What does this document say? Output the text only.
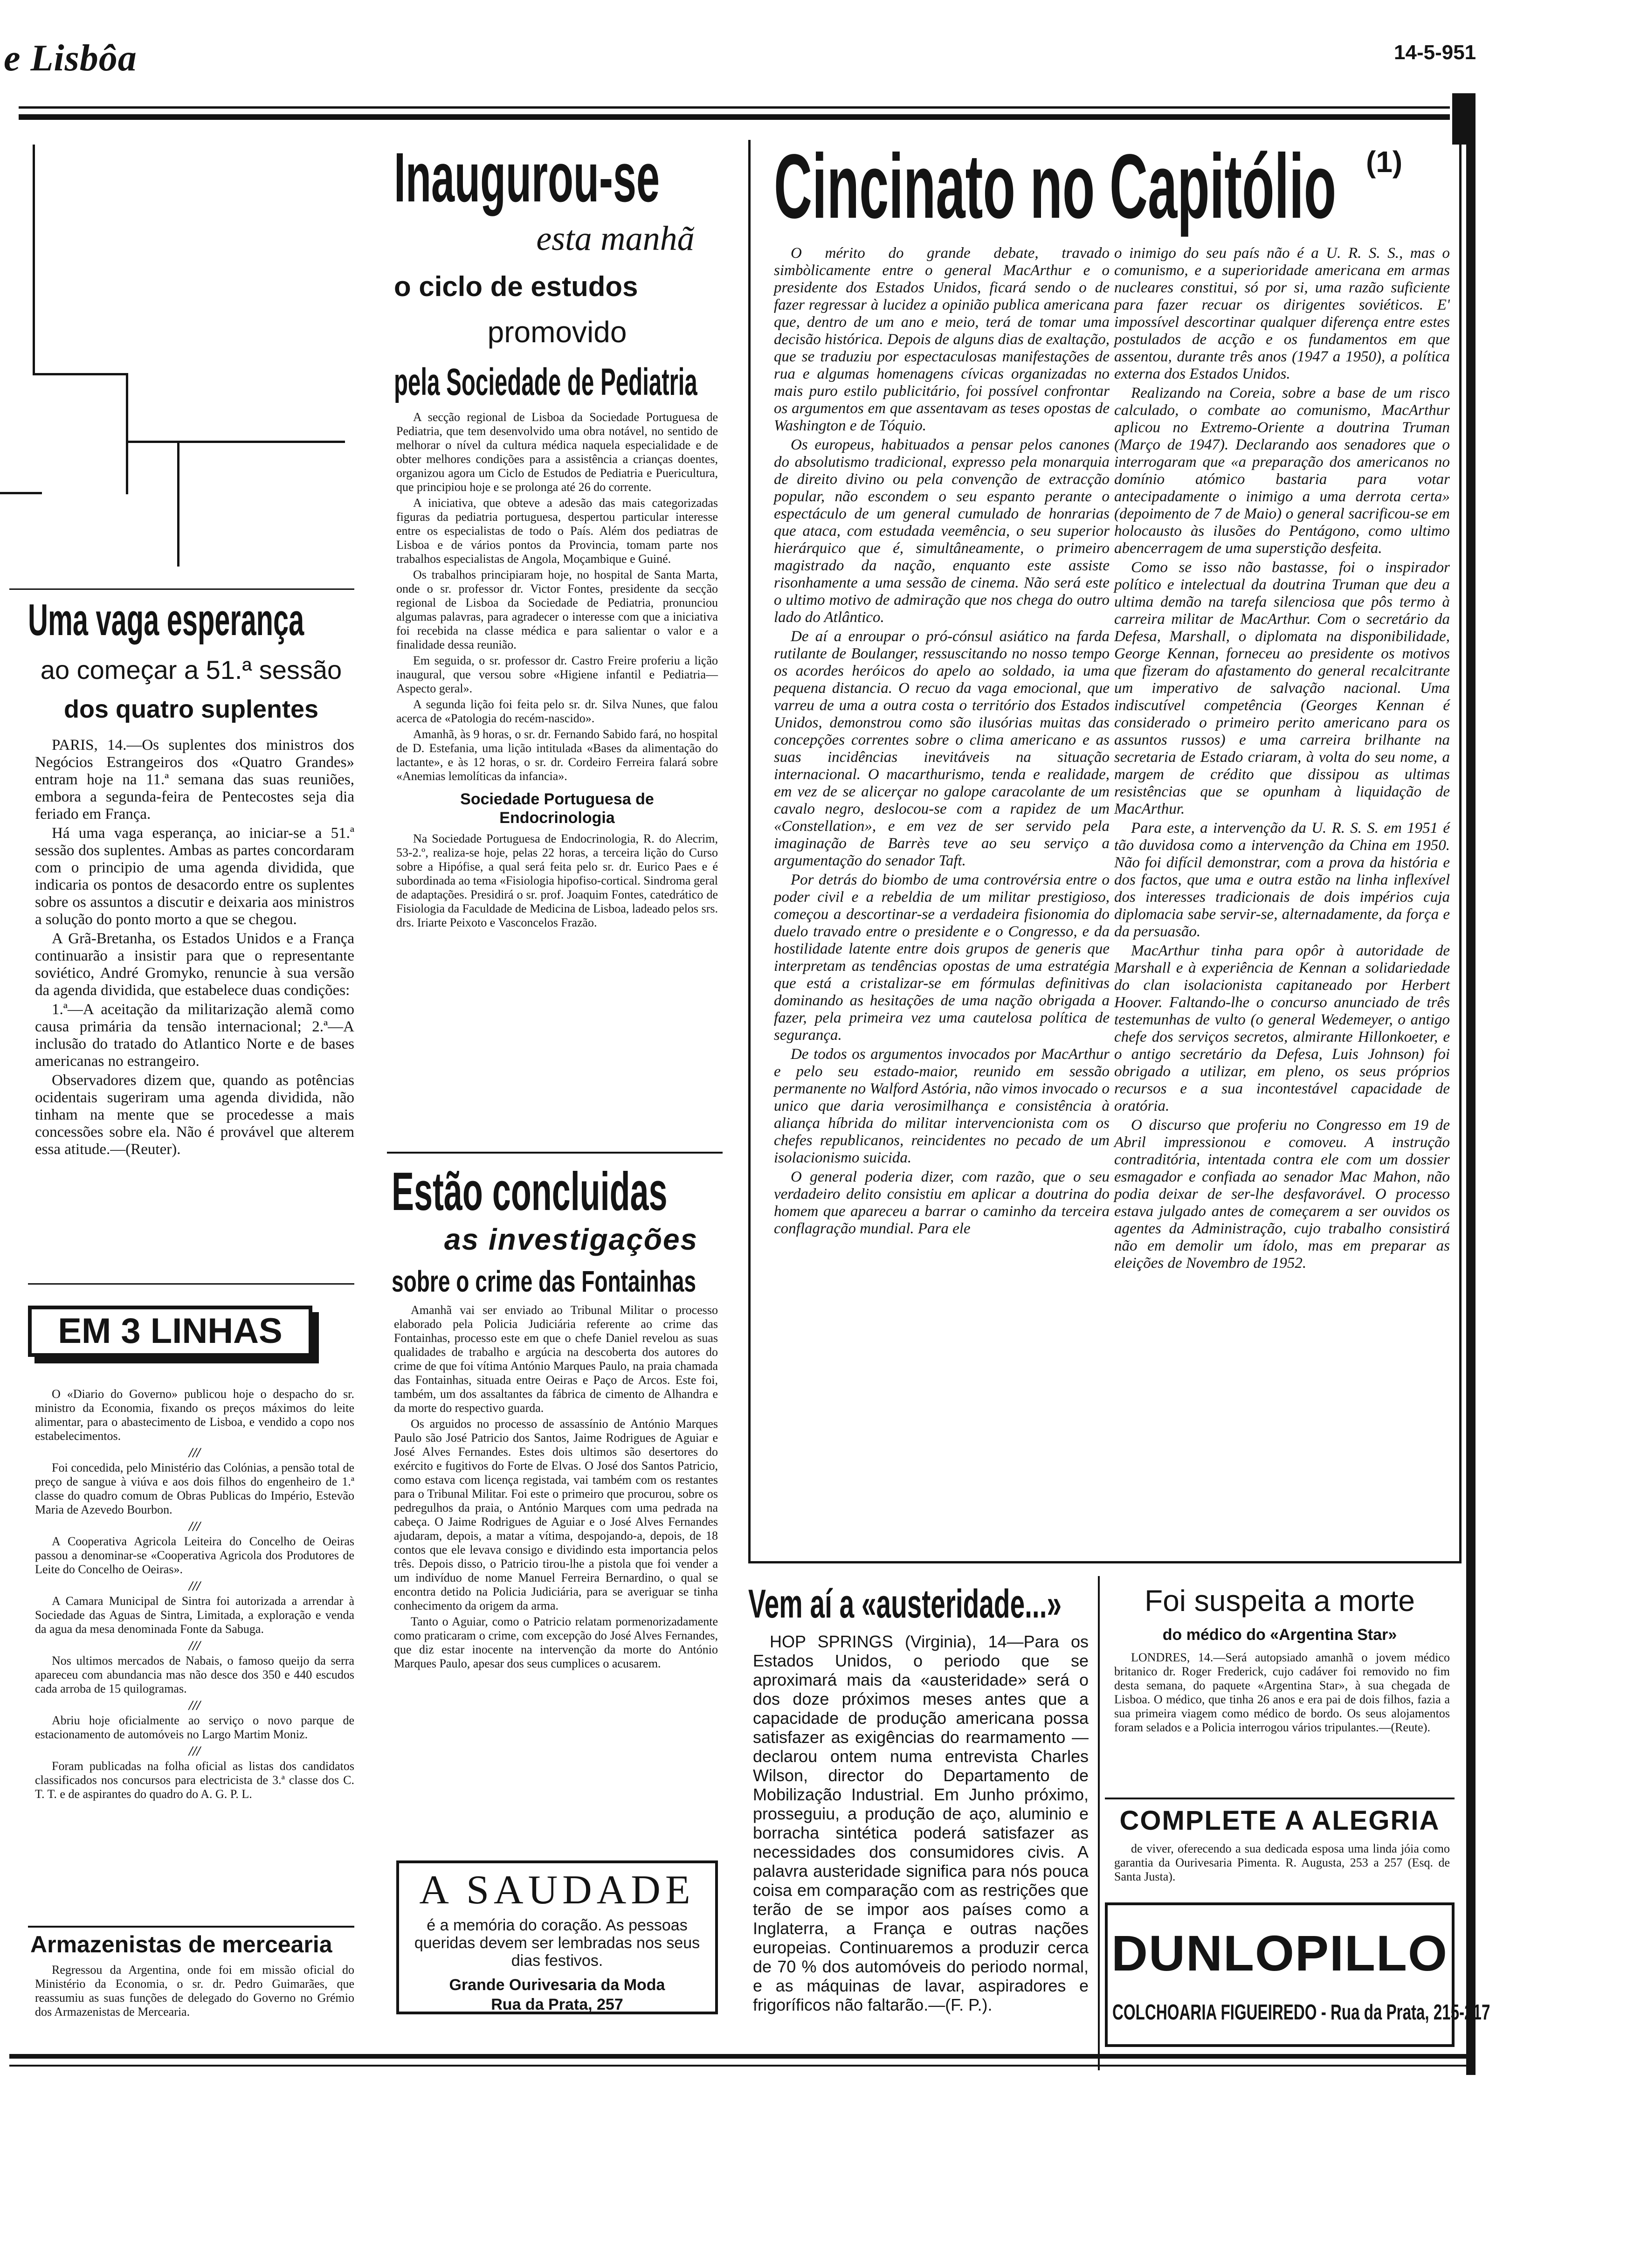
e Lisbôa	14-5-951
Uma vaga esperança
ao começar a 51.ª sessão
dos quatro suplentes

PARIS, 14.—Os suplentes dos ministros dos Negócios Estrangeiros dos «Quatro Grandes» entram hoje na 11.ª semana das suas reuniões, embora a segunda-feira de Pentecostes seja dia feriado em França.

Há uma vaga esperança, ao iniciar-se a 51.ª sessão dos suplentes. Ambas as partes concordaram com o principio de uma agenda dividida, que indicaria os pontos de desacordo entre os suplentes sobre os assuntos a discutir e deixaria aos ministros a solução do ponto morto a que se chegou.

A Grã-Bretanha, os Estados Unidos e a França continuarão a insistir para que o representante soviético, André Gromyko, renuncie à sua versão da agenda dividida, que estabelece duas condições:

1.ª—A aceitação da militarização alemã como causa primária da tensão internacional; 2.ª—A inclusão do tratado do Atlantico Norte e de bases americanas no estrangeiro.

Observadores dizem que, quando as potências ocidentais sugeriram uma agenda dividida, não tinham na mente que se procedesse a mais concessões sobre ela. Não é provável que alterem essa atitude.—(Reuter).

EM 3 LINHAS

O «Diario do Governo» publicou hoje o despacho do sr. ministro da Economia, fixando os preços máximos do leite alimentar, para o abastecimento de Lisboa, e vendido a copo nos estabelecimentos.

///

Foi concedida, pelo Ministério das Colónias, a pensão total de preço de sangue à viúva e aos dois filhos do engenheiro de 1.ª classe do quadro comum de Obras Publicas do Império, Estevão Maria de Azevedo Bourbon.

///

A Cooperativa Agricola Leiteira do Concelho de Oeiras passou a denominar-se «Cooperativa Agricola dos Produtores de Leite do Concelho de Oeiras».

///

A Camara Municipal de Sintra foi autorizada a arrendar à Sociedade das Aguas de Sintra, Limitada, a exploração e venda da agua da mesa denominada Fonte da Sabuga.

///

Nos ultimos mercados de Nabais, o famoso queijo da serra apareceu com abundancia mas não desce dos 350 e 440 escudos cada arroba de 15 quilogramas.

///

Abriu hoje oficialmente ao serviço o novo parque de estacionamento de automóveis no Largo Martim Moniz.

///

Foram publicadas na folha oficial as listas dos candidatos classificados nos concursos para electricista de 3.ª classe dos C. T. T. e de aspirantes do quadro do A. G. P. L.

Armazenistas de mercearia

Regressou da Argentina, onde foi em missão oficial do Ministério da Economia, o sr. dr. Pedro Guimarães, que reassumiu as suas funções de delegado do Governo no Grémio dos Armazenistas de Mercearia.

Inaugurou-se
esta manhã
o ciclo de estudos
promovido
pela Sociedade de Pediatria

A secção regional de Lisboa da Sociedade Portuguesa de Pediatria, que tem desenvolvido uma obra notável, no sentido de melhorar o nível da cultura médica naquela especialidade e de obter melhores condições para a assistência a crianças doentes, organizou agora um Ciclo de Estudos de Pediatria e Puericultura, que principiou hoje e se prolonga até 26 do corrente.

A iniciativa, que obteve a adesão das mais categorizadas figuras da pediatria portuguesa, despertou particular interesse entre os especialistas de todo o País. Além dos pediatras de Lisboa e de vários pontos da Provincia, tomam parte nos trabalhos especialistas de Angola, Moçambique e Guiné.

Os trabalhos principiaram hoje, no hospital de Santa Marta, onde o sr. professor dr. Victor Fontes, presidente da secção regional de Lisboa da Sociedade de Pediatria, pronunciou algumas palavras, para agradecer o interesse com que a iniciativa foi recebida na classe médica e para salientar o valor e a finalidade dessa reunião.

Em seguida, o sr. professor dr. Castro Freire proferiu a lição inaugural, que versou sobre «Higiene infantil e Pediatria—Aspecto geral».

A segunda lição foi feita pelo sr. dr. Silva Nunes, que falou acerca de «Patologia do recém-nascido».

Amanhã, às 9 horas, o sr. dr. Fernando Sabido fará, no hospital de D. Estefania, uma lição intitulada «Bases da alimentação do lactante», e às 12 horas, o sr. dr. Cordeiro Ferreira falará sobre «Anemias lemolíticas da infancia».

Sociedade Portuguesa de Endocrinologia

Na Sociedade Portuguesa de Endocrinologia, R. do Alecrim, 53-2.º, realiza-se hoje, pelas 22 horas, a terceira lição do Curso sobre a Hipófise, a qual será feita pelo sr. dr. Eurico Paes e é subordinada ao tema «Fisiologia hipofiso-cortical. Sindroma geral de adaptações. Presidirá o sr. prof. Joaquim Fontes, catedrático de Fisiologia da Faculdade de Medicina de Lisboa, ladeado pelos srs. drs. Iriarte Peixoto e Vasconcelos Frazão.

Estão concluidas
as investigações
sobre o crime das Fontainhas

Amanhã vai ser enviado ao Tribunal Militar o processo elaborado pela Policia Judiciária referente ao crime das Fontainhas, processo este em que o chefe Daniel revelou as suas qualidades de trabalho e argúcia na descoberta dos autores do crime de que foi vítima António Marques Paulo, na praia chamada das Fontainhas, situada entre Oeiras e Paço de Arcos. Este foi, também, um dos assaltantes da fábrica de cimento de Alhandra e da morte do respectivo guarda.

Os arguidos no processo de assassínio de António Marques Paulo são José Patricio dos Santos, Jaime Rodrigues de Aguiar e José Alves Fernandes. Estes dois ultimos são desertores do exército e fugitivos do Forte de Elvas. O José dos Santos Patricio, como estava com licença registada, vai também com os restantes para o Tribunal Militar. Foi este o primeiro que procurou, sobre os pedregulhos da praia, o António Marques com uma pedrada na cabeça. O Jaime Rodrigues de Aguiar e o José Alves Fernandes ajudaram, depois, a matar a vítima, despojando-a, depois, de 18 contos que ele levava consigo e dividindo esta importancia pelos três. Depois disso, o Patricio tirou-lhe a pistola que foi vender a um indivíduo de nome Manuel Ferreira Bernardino, o qual se encontra detido na Policia Judiciária, para se averiguar se tinha conhecimento da origem da arma.

Tanto o Aguiar, como o Patricio relatam pormenorizadamente como praticaram o crime, com excepção do José Alves Fernandes, que diz estar inocente na intervenção da morte do António Marques Paulo, apesar dos seus cumplices o acusarem.

A SAUDADE
é a memória do coração. As pessoas queridas devem ser lembradas nos seus dias festivos.
Grande Ourivesaria da Moda
Rua da Prata, 257
Cincinato no Capitólio (1)

O mérito do grande debate, travado simbòlicamente entre o general MacArthur e o presidente dos Estados Unidos, ficará sendo o de fazer regressar à lucidez a opinião publica americana que, dentro de um ano e meio, terá de tomar uma decisão histórica. Depois de alguns dias de exaltação, que se traduziu por espectaculosas manifestações de rua e algumas homenagens cívicas organizadas no mais puro estilo publicitário, foi possível confrontar os argumentos em que assentavam as teses opostas de Washington e de Tóquio.

Os europeus, habituados a pensar pelos canones do absolutismo tradicional, expresso pela monarquia de direito divino ou pela convenção de extracção popular, não escondem o seu espanto perante o espectáculo de um general cumulado de honrarias que ataca, com estudada veemência, o seu superior hierárquico que é, simultâneamente, o primeiro magistrado da nação, enquanto este assiste risonhamente a uma sessão de cinema. Não será este o ultimo motivo de admiração que nos chega do outro lado do Atlântico.

De aí a enroupar o pró-cónsul asiático na farda rutilante de Boulanger, ressuscitando no nosso tempo os acordes heróicos do apelo ao soldado, ia uma pequena distancia. O recuo da vaga emocional, que varreu de uma a outra costa o território dos Estados Unidos, demonstrou como são ilusórias muitas das concepções correntes sobre o clima americano e as suas incidências inevitáveis na situação internacional. O macarthurismo, tenda e realidade, em vez de se alicerçar no galope caracolante de um cavalo negro, deslocou-se com a rapidez de um «Constellation», e em vez de ser servido pela imaginação de Barrès teve ao seu serviço a argumentação do senador Taft.

Por detrás do biombo de uma controvérsia entre o poder civil e a rebeldia de um militar prestigioso, começou a descortinar-se a verdadeira fisionomia do duelo travado entre o presidente e o Congresso, e da hostilidade latente entre dois grupos de generis que interpretam as tendências opostas de uma estratégia que está a cristalizar-se em fórmulas definitivas dominando as hesitações de uma nação obrigada a fazer, pela primeira vez uma cautelosa política de segurança.

De todos os argumentos invocados por MacArthur e pelo seu estado-maior, reunido em sessão permanente no Walford Astória, não vimos invocado o unico que daria verosimilhança e consistência à aliança híbrida do militar intervencionista com os chefes republicanos, reincidentes no pecado de um isolacionismo suicida.

O general poderia dizer, com razão, que o seu verdadeiro delito consistiu em aplicar a doutrina do homem que apareceu a barrar o caminho da terceira conflagração mundial. Para ele

o inimigo do seu país não é a U. R. S. S., mas o comunismo, e a superioridade americana em armas nucleares constitui, só por si, uma razão suficiente para fazer recuar os dirigentes soviéticos. E' impossível descortinar qualquer diferença entre estes postulados de acção e os fundamentos em que assentou, durante três anos (1947 a 1950), a política externa dos Estados Unidos.

Realizando na Coreia, sobre a base de um risco calculado, o combate ao comunismo, MacArthur aplicou no Extremo-Oriente a doutrina Truman (Março de 1947). Declarando aos senadores que o interrogaram que «a preparação dos americanos no domínio atómico bastaria para votar antecipadamente o inimigo a uma derrota certa» (depoimento de 7 de Maio) o general sacrificou-se em holocausto às ilusões do Pentágono, como ultimo abencerragem de uma superstição desfeita.

Como se isso não bastasse, foi o inspirador político e intelectual da doutrina Truman que deu a ultima demão na tarefa silenciosa que pôs termo à carreira militar de MacArthur. Com o secretário da Defesa, Marshall, o diplomata na disponibilidade, George Kennan, forneceu ao presidente os motivos que fizeram do afastamento do general recalcitrante um imperativo de salvação nacional. Uma indiscutível competência (Georges Kennan é considerado o primeiro perito americano para os assuntos russos) e uma carreira brilhante na secretaria de Estado criaram, à volta do seu nome, a margem de crédito que dissipou as ultimas resistências que se opunham à liquidação de MacArthur.

Para este, a intervenção da U. R. S. S. em 1951 é tão duvidosa como a intervenção da China em 1950. Não foi difícil demonstrar, com a prova da história e dos factos, que uma e outra estão na linha inflexível dos interesses tradicionais de dois impérios cuja diplomacia sabe servir-se, alternadamente, da força e da persuasão.

MacArthur tinha para opôr à autoridade de Marshall e à experiência de Kennan a solidariedade do clan isolacionista capitaneado por Herbert Hoover. Faltando-lhe o concurso anunciado de três testemunhas de vulto (o general Wedemeyer, o antigo chefe dos serviços secretos, almirante Hillonkoeter, e o antigo secretário da Defesa, Luis Johnson) foi obrigado a utilizar, em pleno, os seus próprios recursos e a sua incontestável capacidade de oratória.

O discurso que proferiu no Congresso em 19 de Abril impressionou e comoveu. A instrução contraditória, intentada contra ele com um dossier esmagador e confiada ao senador Mac Mahon, não podia deixar de ser-lhe desfavorável. O processo estava julgado antes de começarem a ser ouvidos os agentes da Administração, cujo trabalho consistirá não em demolir um ídolo, mas em preparar as eleições de Novembro de 1952.

Vem aí a «austeridade...»

HOP SPRINGS (Virginia), 14—Para os Estados Unidos, o periodo que se aproximará mais da «austeridade» será o dos doze próximos meses antes que a capacidade de produção americana possa satisfazer as exigências do rearmamento — declarou ontem numa entrevista Charles Wilson, director do Departamento de Mobilização Industrial. Em Junho próximo, prosseguiu, a produção de aço, aluminio e borracha sintética poderá satisfazer as necessidades dos consumidores civis. A palavra austeridade significa para nós pouca coisa em comparação com as restrições que terão de se impor aos países como a Inglaterra, a França e outras nações europeias. Continuaremos a produzir cerca de 70 % dos automóveis do periodo normal, e as máquinas de lavar, aspiradores e frigoríficos não faltarão.—(F. P.).

Foi suspeita a morte
do médico do «Argentina Star»

LONDRES, 14.—Será autopsiado amanhã o jovem médico britanico dr. Roger Frederick, cujo cadáver foi removido no fim desta semana, do paquete «Argentina Star», à sua chegada de Lisboa. O médico, que tinha 26 anos e era pai de dois filhos, fazia a sua primeira viagem como médico de bordo. Os seus alojamentos foram selados e a Policia interrogou vários tripulantes.—(Reute).

COMPLETE A ALEGRIA

de viver, oferecendo a sua dedicada esposa uma linda jóia como garantia da Ourivesaria Pimenta. R. Augusta, 253 a 257 (Esq. de Santa Justa).

DUNLOPILLO
COLCHOARIA FIGUEIREDO - Rua da Prata, 215-217
